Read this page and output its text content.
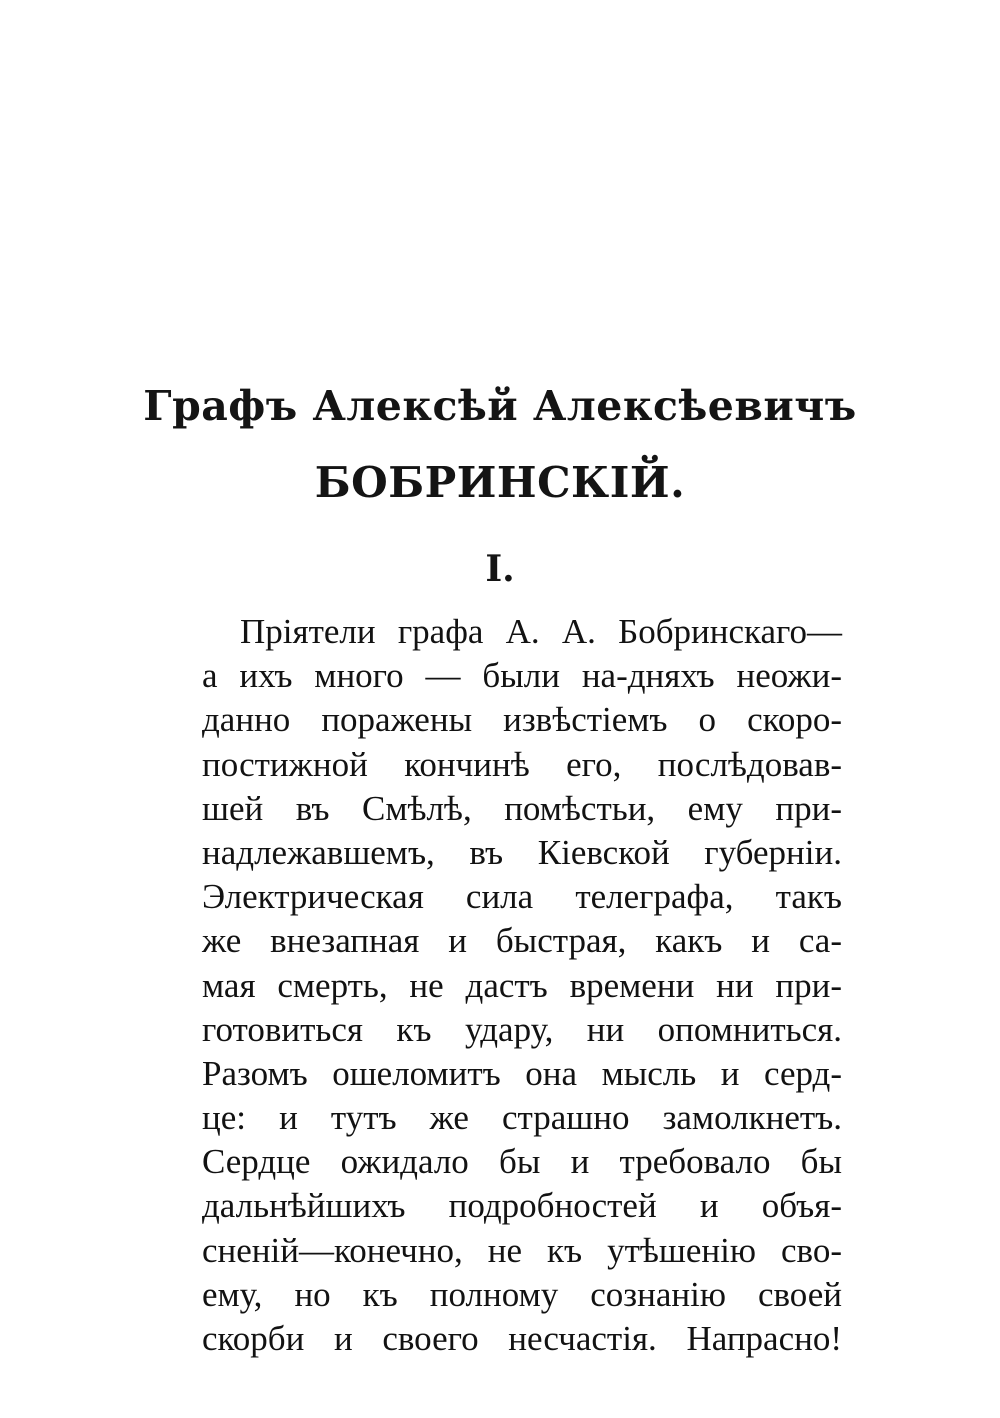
Графъ Алексѣй Алексѣевичъ
БОБРИНСКІЙ.
I.
Пріятели графа А. А. Бобринскаго—
а ихъ много — были на-дняхъ неожи-
данно поражены извѣстіемъ о скоро-
постижной кончинѣ его, послѣдовав-
шей въ Смѣлѣ, помѣстьи, ему при-
надлежавшемъ, въ Кіевской губерніи.
Электрическая сила телеграфа, такъ
же внезапная и быстрая, какъ и са-
мая смерть, не дастъ времени ни при-
готовиться къ удару, ни опомниться.
Разомъ ошеломитъ она мысль и серд-
це: и тутъ же страшно замолкнетъ.
Сердце ожидало бы и требовало бы
дальнѣйшихъ подробностей и объя-
сненій—конечно, не къ утѣшенію сво-
ему, но къ полному сознанію своей
скорби и своего несчастія. Напрасно!
